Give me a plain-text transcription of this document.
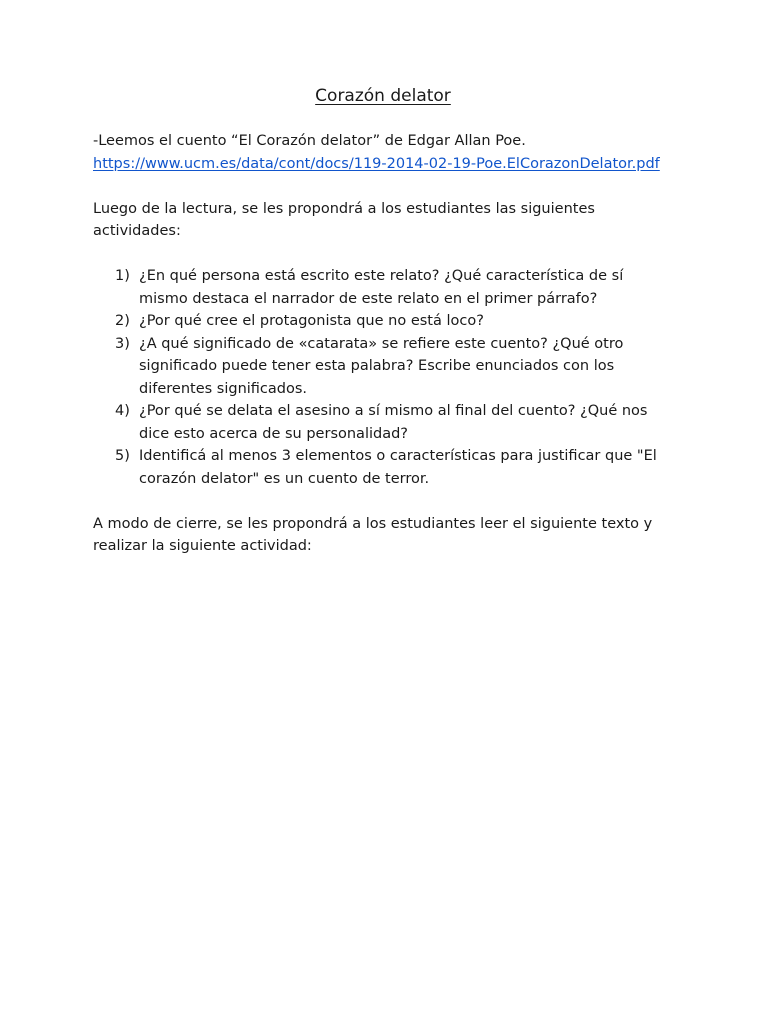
Corazón delator

-Leemos el cuento “El Corazón delator” de Edgar Allan Poe.

https://www.ucm.es/data/cont/docs/119-2014-02-19-Poe.ElCorazonDelator.pdf

Luego de la lectura, se les propondrá a los estudiantes las siguientes actividades:

1) ¿En qué persona está escrito este relato? ¿Qué característica de sí mismo destaca el narrador de este relato en el primer párrafo?
2) ¿Por qué cree el protagonista que no está loco?
3) ¿A qué significado de «catarata» se refiere este cuento? ¿Qué otro significado puede tener esta palabra? Escribe enunciados con los diferentes significados.
4) ¿Por qué se delata el asesino a sí mismo al final del cuento? ¿Qué nos dice esto acerca de su personalidad?
5) Identificá al menos 3 elementos o características para justificar que "El corazón delator" es un cuento de terror.

A modo de cierre, se les propondrá a los estudiantes leer el siguiente texto y realizar la siguiente actividad:
